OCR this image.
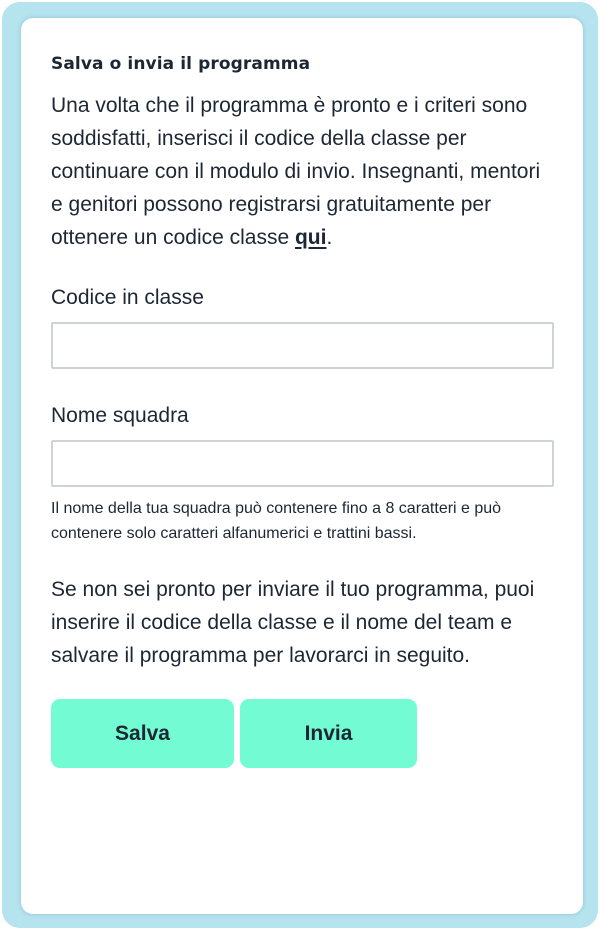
Salva o invia il programma

Una volta che il programma è pronto e i criteri sono soddisfatti, inserisci il codice della classe per continuare con il modulo di invio. Insegnanti, mentori e genitori possono registrarsi gratuitamente per ottenere un codice classe qui.

Codice in classe
Nome squadra

Il nome della tua squadra può contenere fino a 8 caratteri e può contenere solo caratteri alfanumerici e trattini bassi.

Se non sei pronto per inviare il tuo programma, puoi inserire il codice della classe e il nome del team e salvare il programma per lavorarci in seguito.

Salva	Invia
